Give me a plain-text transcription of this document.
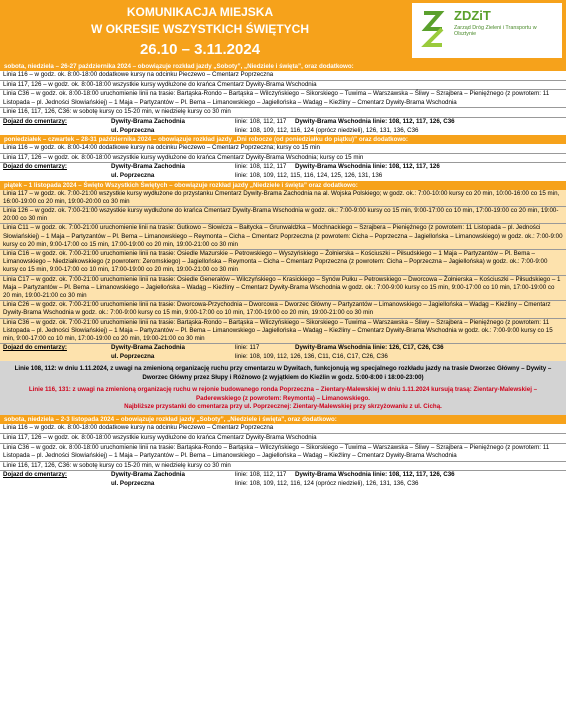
KOMUNIKACJA MIEJSKA
W OKRESIE WSZYSTKICH ŚWIĘTYCH
26.10 – 3.11.2024
ZDZiT
Zarząd Dróg Zieleni i Transportu w Olsztynie
sobota, niedziela – 26-27 października 2024 – obowiązuje rozkład jazdy „Soboty”, „Niedziele i święta”, oraz dodatkowo:

Linia 116 – w godz. ok. 8:00-18:00 dodatkowe kursy na odcinku Pieczewo – Cmentarz Poprzeczna

Linia 117, 126 – w godz. ok. 8:00-18:00 wszystkie kursy wydłużone do krańca Cmentarz Dywity-Brama Wschodnia

Linia C36 – w godz. ok. 8:00-18:00 uruchomienie linii na trasie: Bartąska-Rondo – Bartąska – Wilczyńskiego – Sikorskiego – Tuwima – Warszawska – Śliwy – Szrajbera – Pieniężnego (z powrotem: 11 Listopada – pl. Jedności Słowiańskiej) – 1 Maja – Partyzantów – Pl. Bema – Limanowskiego – Jagiellońska – Wadąg – Kieźliny – Cmentarz Dywity-Brama Wschodnia

Linie 116, 117, 126, C36: w sobotę kursy co 15-20 min, w niedzielę kursy co 30 min

Dojazd do cmentarzy:	Dywity-Brama Zachodnia	linie: 108, 112, 117	Dywity-Brama Wschodnia linie: 108, 112, 117, 126, C36
ul. Poprzeczna	linie: 108, 109, 112, 116, 124 (oprócz niedzieli), 126, 131, 136, C36
poniedziałek – czwartek – 28-31 października 2024 – obowiązuje rozkład jazdy „Dni robocze (od poniedziałku do piątku)” oraz dodatkowo:

Linia 116 – w godz. ok. 8:00-14:00 dodatkowe kursy na odcinku Pieczewo – Cmentarz Poprzeczna; kursy co 15 min

Linia 117, 126 – w godz. ok. 8:00-18:00 wszystkie kursy wydłużone do krańca Cmentarz Dywity-Brama Wschodnia; kursy co 15 min

Dojazd do cmentarzy:	Dywity-Brama Zachodnia	linie: 108, 112, 117	Dywity-Brama Wschodnia linie: 108, 112, 117, 126
ul. Poprzeczna	linie: 108, 109, 112, 115, 116, 124, 125, 126, 131, 136
piątek – 1 listopada 2024 – Święto Wszystkich Świętych – obowiązuje rozkład jazdy „Niedziele i święta” oraz dodatkowo:

Linia 117 – w godz. ok. 7:00-21:00 wszystkie kursy wydłużone do przystanku Cmentarz Dywity-Brama Zachodnia na al. Wojska Polskiego; w godz. ok.: 7:00-10:00 kursy co 20 min, 10:00-16:00 co 15 min, 16:00-19:00 co 20 min, 19:00-20:00 co 30 min

Linia 126 – w godz. ok. 7:00-21:00 wszystkie kursy wydłużone do krańca Cmentarz Dywity-Brama Wschodnia w godz. ok.: 7:00-9:00 kursy co 15 min, 9:00-17:00 co 10 min, 17:00-19:00 co 20 min, 19:00-20:00 co 30 min

Linia C11 – w godz. ok. 7:00-21:00 uruchomienie linii na trasie: Gutkowo – Słowicza – Bałtycka – Grunwaldzka – Mochnackiego – Szrajbera – Pieniężnego (z powrotem: 11 Listopada – pl. Jedności Słowiańskiej) – 1 Maja – Partyzantów – Pl. Bema – Limanowskiego – Reymonta – Cicha – Cmentarz Poprzeczna (z powrotem: Cicha – Poprzeczna – Jagiellońska – Limanowskiego) w godz. ok.: 7:00-9:00 kursy co 20 min, 9:00-17:00 co 15 min, 17:00-19:00 co 20 min, 19:00-21:00 co 30 min

Linia C16 – w godz. ok. 7:00-21:00 uruchomienie linii na trasie: Osiedle Mazurskie – Petrowskiego – Wyszyńskiego – Żołnierska – Kościuszki – Piłsudskiego – 1 Maja – Partyzantów – Pl. Bema – Limanowskiego – Niedziałkowskiego (z powrotem: Zeromskiego) – Jagiellońska – Reymonta – Cicha – Cmentarz Poprzeczna (z powrotem: Cicha – Poprzeczna – Jagiellońska) w godz. ok.: 7:00-9:00 kursy co 15 min, 9:00-17:00 co 10 min, 17:00-19:00 co 20 min, 19:00-21:00 co 30 min

Linia C17 – w godz. ok. 7:00-21:00 uruchomienie linii na trasie: Osiedle Generałów – Wilczyńskiego – Krasickiego – Synów Pułku – Petrowskiego – Dworcowa – Żołnierska – Kościuszki – Piłsudskiego – 1 Maja – Partyzantów – Pl. Bema – Limanowskiego – Jagiellońska – Wadąg – Kieźliny – Cmentarz Dywity-Brama Wschodnia w godz. ok.: 7:00-9:00 kursy co 15 min, 9:00-17:00 co 10 min, 17:00-19:00 co 20 min, 19:00-21:00 co 30 min

Linia C26 – w godz. ok. 7:00-21:00 uruchomienie linii na trasie: Dworcowa-Przychodnia – Dworcowa – Dworzec Główny – Partyzantów – Limanowskiego – Jagiellońska – Wadąg – Kieźliny – Cmentarz Dywity-Brama Wschodnia w godz. ok.: 7:00-9:00 kursy co 15 min, 9:00-17:00 co 10 min, 17:00-19:00 co 20 min, 19:00-21:00 co 30 min

Linia C36 – w godz. ok. 7:00-21:00 uruchomienie linii na trasie: Bartąska-Rondo – Bartąska – Wilczyńskiego – Sikorskiego – Tuwima – Warszawska – Śliwy – Szrajbera – Pieniężnego (z powrotem: 11 Listopada – pl. Jedności Słowiańskiej) – 1 Maja – Partyzantów – Pl. Bema – Limanowskiego – Jagiellońska – Wadąg – Kieźliny – Cmentarz Dywity-Brama Wschodnia w godz. ok.: 7:00-9:00 kursy co 15 min, 9:00-17:00 co 10 min, 17:00-19:00 co 20 min, 19:00-21:00 co 30 min

Dojazd do cmentarzy:	Dywity-Brama Zachodnia	linie: 117	Dywity-Brama Wschodnia linie: 126, C17, C26, C36
ul. Poprzeczna	linie: 108, 109, 112, 126, 136, C11, C16, C17, C26, C36
Linie 108, 112: w dniu 1.11.2024, z uwagi na zmienioną organizację ruchu przy cmentarzu w Dywitach, funkcjonują wg specjalnego rozkładu jazdy na trasie Dworzec Główny – Dywity – Dworzec Główny przez Słupy i Różnowo (z wyjątkiem do Kieźlin w godz. 5:00-8:00 i 18:00-23:00)
Linie 116, 131: z uwagi na zmienioną organizację ruchu w rejonie budowanego ronda Poprzeczna – Zientary-Malewskiej w dniu 1.11.2024 kursują trasą: Zientary-Malewskiej – Paderewskiego (z powrotem: Reymonta) – Limanowskiego.
Najbliższe przystanki do cmentarza przy ul. Poprzecznej: Zientary-Malewskiej przy skrzyżowaniu z ul. Cichą.
sobota, niedziela – 2-3 listopada 2024 – obowiązuje rozkład jazdy „Soboty”, „Niedziele i święta”, oraz dodatkowo:

Linia 116 – w godz. ok. 8:00-18:00 dodatkowe kursy na odcinku Pieczewo – Cmentarz Poprzeczna

Linia 117, 126 – w godz. ok. 8:00-18:00 wszystkie kursy wydłużone do krańca Cmentarz Dywity-Brama Wschodnia

Linia C36 – w godz. ok. 8:00-18:00 uruchomienie linii na trasie: Bartąska-Rondo – Bartąska – Wilczyńskiego – Sikorskiego – Tuwima – Warszawska – Śliwy – Szrajbera – Pieniężnego (z powrotem: 11 Listopada – pl. Jedności Słowiańskiej) – 1 Maja – Partyzantów – Pl. Bema – Limanowskiego – Jagiellońska – Wadąg – Kieźliny – Cmentarz Dywity-Brama Wschodnia

Linie 116, 117, 126, C36: w sobotę kursy co 15-20 min, w niedzielę kursy co 30 min

Dojazd do cmentarzy:	Dywity-Brama Zachodnia	linie: 108, 112, 117	Dywity-Brama Wschodnia linie: 108, 112, 117, 126, C36
ul. Poprzeczna	linie: 108, 109, 112, 116, 124 (oprócz niedzieli), 126, 131, 136, C36
